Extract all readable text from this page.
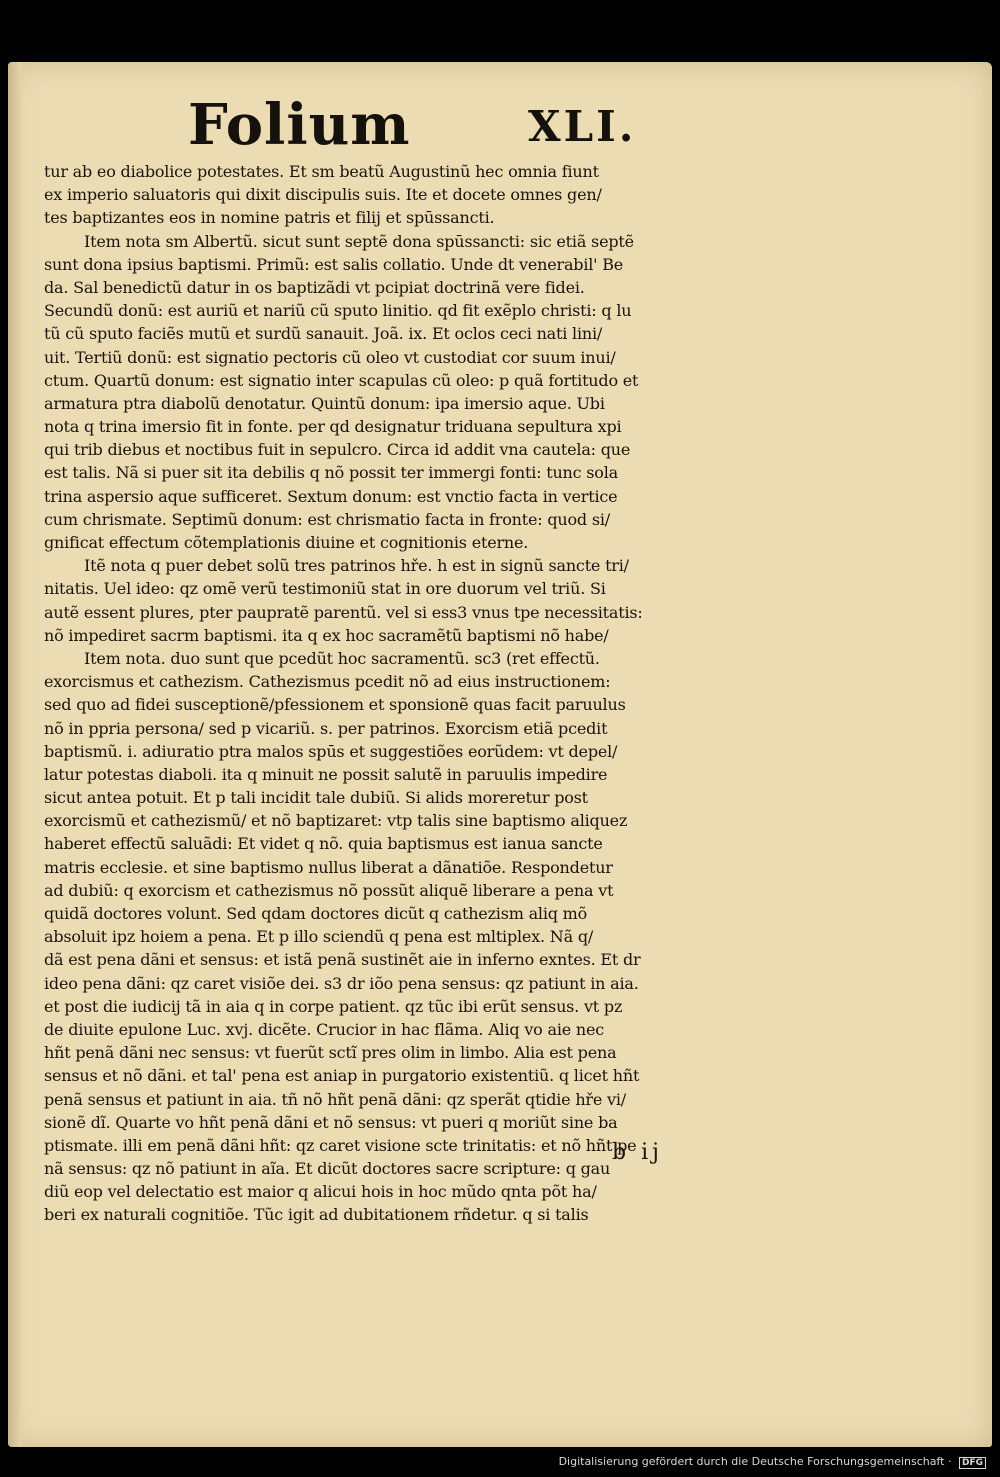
Folium	XLI.
tur ab eo diabolice potestates. Et sm beatũ Augustinũ hec omnia fiunt
ex imperio saluatoris qui dixit discipulis suis. Ite et docete omnes gen/
tes baptizantes eos in nomine patris et filij et spūssancti.
Item nota sm Albertũ. sicut sunt septẽ dona spūssancti: sic etiã septẽ
sunt dona ipsius baptismi. Primũ: est salis collatio. Unde dt venerabil' Be
da. Sal benedictũ datur in os baptizãdi vt pcipiat doctrinã vere fidei.
Secundũ donũ: est auriũ et nariũ cũ sputo linitio. qd fit exẽplo christi: q lu
tũ cũ sputo faciẽs mutũ et surdũ sanauit. Joã. ix. Et oclos ceci nati lini/
uit. Tertiũ donũ: est signatio pectoris cũ oleo vt custodiat cor suum inui/
ctum. Quartũ donum: est signatio inter scapulas cũ oleo: p quã fortitudo et
armatura ptra diabolũ denotatur. Quintũ donum: ipa imersio aque. Ubi
nota q trina imersio fit in fonte. per qd designatur triduana sepultura xpi
qui trib diebus et noctibus fuit in sepulcro. Circa id addit vna cautela: que
est talis. Nã si puer sit ita debilis q nõ possit ter immergi fonti: tunc sola
trina aspersio aque sufficeret. Sextum donum: est vnctio facta in vertice
cum chrismate. Septimũ donum: est chrismatio facta in fronte: quod si/
gnificat effectum cõtemplationis diuine et cognitionis eterne.
Itẽ nota q puer debet solũ tres patrinos hře. h est in signũ sancte tri/
nitatis. Uel ideo: qz omẽ verũ testimoniũ stat in ore duorum vel triũ. Si
autẽ essent plures, pter paupratẽ parentũ. vel si ess3 vnus tpe necessitatis:
nõ impediret sacrm baptismi. ita q ex hoc sacramẽtũ baptismi nõ habe/
Item nota. duo sunt que pcedũt hoc sacramentũ. sc3 (ret effectũ.
exorcismus et cathezism. Cathezismus pcedit nõ ad eius instructionem:
sed quo ad fidei susceptionẽ/pfessionem et sponsionẽ quas facit paruulus
nõ in ppria persona/ sed p vicariũ. s. per patrinos. Exorcism etiã pcedit
baptismũ. i. adiuratio ptra malos spūs et suggestiões eorũdem: vt depel/
latur potestas diaboli. ita q minuit ne possit salutẽ in paruulis impedire
sicut antea potuit. Et p tali incidit tale dubiũ. Si alids moreretur post
exorcismũ et cathezismũ/ et nõ baptizaret: vtp talis sine baptismo aliquez
haberet effectũ saluãdi: Et videt q nõ. quia baptismus est ianua sancte
matris ecclesie. et sine baptismo nullus liberat a dãnatiõe. Respondetur
ad dubiũ: q exorcism et cathezismus nõ possũt aliquẽ liberare a pena vt
quidã doctores volunt. Sed qdam doctores dicũt q cathezism aliq mõ
absoluit ipz hoiem a pena. Et p illo sciendũ q pena est mltiplex. Nã q/
dã est pena dãni et sensus: et istã penã sustinẽt aie in inferno exntes. Et dr
ideo pena dãni: qz caret visiõe dei. s3 dr iõo pena sensus: qz patiunt in aia.
et post die iudicij tã in aia q in corpe patient. qz tũc ibi erũt sensus. vt pz
de diuite epulone Luc. xvj. dicẽte. Crucior in hac flãma. Aliq vo aie nec
hñt penã dãni nec sensus: vt fuerũt sctĩ pres olim in limbo. Alia est pena
sensus et nõ dãni. et tal' pena est aniap in purgatorio existentiũ. q licet hñt
penã sensus et patiunt in aia. tñ nõ hñt penã dãni: qz sperãt qtidie hře vi/
sionẽ dĩ. Quarte vo hñt penã dãni et nõ sensus: vt pueri q moriũt sine ba
ptismate. illi em penã dãni hñt: qz caret visione scte trinitatis: et nõ hñt pe
nã sensus: qz nõ patiunt in aĩa. Et dicũt doctores sacre scripture: q gau
diũ eop vel delectatio est maior q alicui hois in hoc mũdo qnta põt ha/
beri ex naturali cognitiõe. Tũc igit ad dubitationem rñdetur. q si talis
b ij
Digitalisierung gefördert durch die Deutsche Forschungsgemeinschaft · DFG
